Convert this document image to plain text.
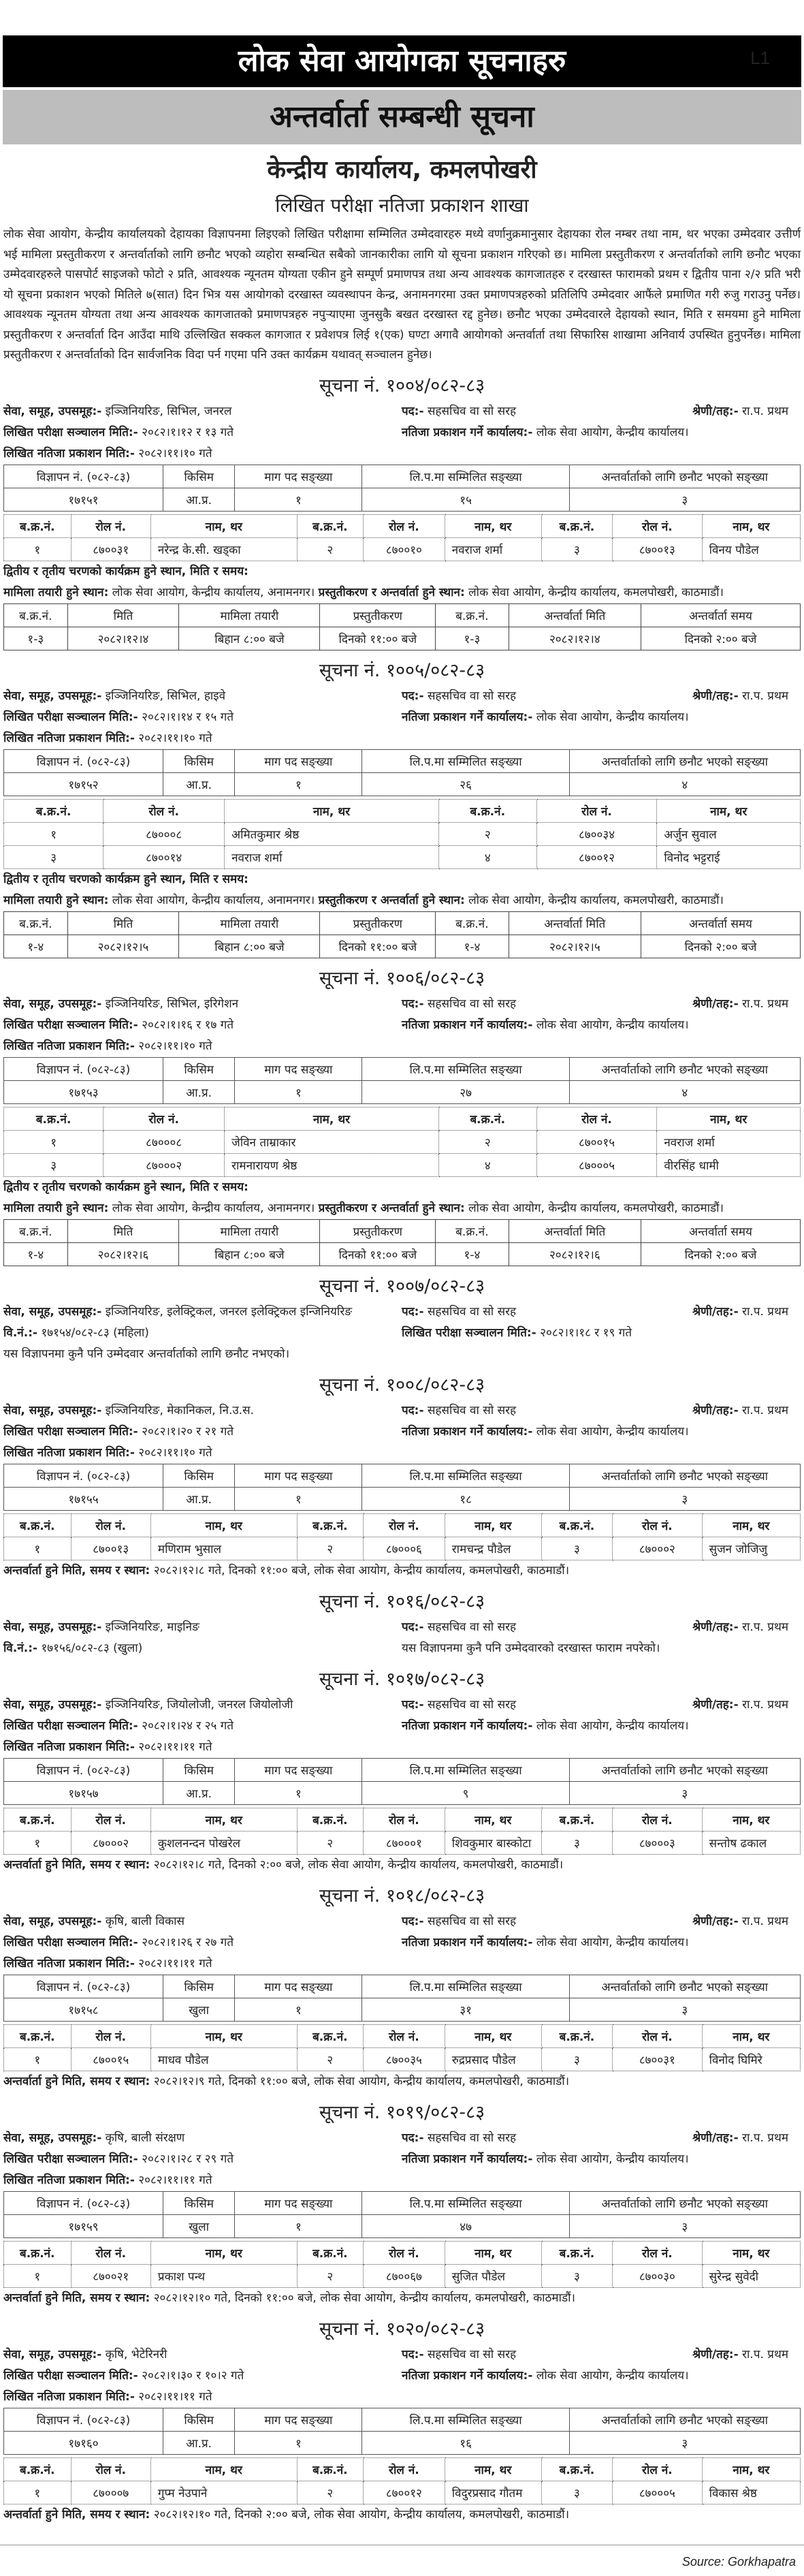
L1
लोक सेवा आयोगका सूचनाहरु
अन्तर्वार्ता सम्बन्धी सूचना
केन्द्रीय कार्यालय, कमलपोखरी
लिखित परीक्षा नतिजा प्रकाशन शाखा

लोक सेवा आयोग, केन्द्रीय कार्यालयको देहायका विज्ञापनमा लिइएको लिखित परीक्षामा सम्मिलित उम्मेदवारहरु मध्ये वर्णानुक्रमानुसार देहायका रोल नम्बर तथा नाम, थर भएका उम्मेदवार उत्तीर्ण भई मामिला प्रस्तुतीकरण र अन्तर्वार्ताको लागि छनौट भएको व्यहोरा सम्बन्धित सबैको जानकारीका लागि यो सूचना प्रकाशन गरिएको छ। मामिला प्रस्तुतीकरण र अन्तर्वार्ताको लागि छनौट भएका उम्मेदवारहरुले पासपोर्ट साइजको फोटो २ प्रति, आवश्यक न्यूनतम योग्यता एकीन हुने सम्पूर्ण प्रमाणपत्र तथा अन्य आवश्यक कागजातहरु र दरखास्त फारामको प्रथम र द्वितीय पाना २/२ प्रति भरी यो सूचना प्रकाशन भएको मितिले ७(सात) दिन भित्र यस आयोगको दरखास्त व्यवस्थापन केन्द्र, अनामनगरमा उक्त प्रमाणपत्रहरुको प्रतिलिपि उम्मेदवार आफैंले प्रमाणित गरी रुजु गराउनु पर्नेछ। आवश्यक न्यूनतम योग्यता तथा अन्य आवश्यक कागजातको प्रमाणपत्रहरु नपुर्‍याएमा जुनसुकै बखत दरखास्त रद्द हुनेछ। छनौट भएका उम्मेदवारले देहायको स्थान, मिति र समयमा हुने मामिला प्रस्तुतीकरण र अन्तर्वार्ता दिन आउँदा माथि उल्लिखित सक्कल कागजात र प्रवेशपत्र लिई १(एक) घण्टा अगावै आयोगको अन्तर्वार्ता तथा सिफारिस शाखामा अनिवार्य उपस्थित हुनुपर्नेछ। मामिला प्रस्तुतीकरण र अन्तर्वार्ताको दिन सार्वजनिक विदा पर्न गएमा पनि उक्त कार्यक्रम यथावत् सञ्चालन हुनेछ।

सूचना नं. १००४/०८२-८३
सेवा, समूह, उपसमूह:- इञ्जिनियरिङ, सिभिल, जनरल	पद:- सहसचिव वा सो सरह	श्रेणी/तह:- रा.प. प्रथम
लिखित परीक्षा सञ्चालन मिति:- २०८२।१।१२ र १३ गते	नतिजा प्रकाशन गर्ने कार्यालय:- लोक सेवा आयोग, केन्द्रीय कार्यालय।
लिखित नतिजा प्रकाशन मिति:- २०८२।११।१० गते
विज्ञापन नं. (०८२-८३)	किसिम	माग पद सङ्ख्या	लि.प.मा सम्मिलित सङ्ख्या	अन्तर्वार्ताको लागि छनौट भएको सङ्ख्या
१७१५१	आ.प्र.	१	१५	३
ब.क्र.नं.	रोल नं.	नाम, थर	ब.क्र.नं.	रोल नं.	नाम, थर	ब.क्र.नं.	रोल नं.	नाम, थर
१	८७००३१	नरेन्द्र के.सी. खड्का	२	८७००१०	नवराज शर्मा	३	८७००१३	विनय पौडेल
द्वितीय र तृतीय चरणको कार्यक्रम हुने स्थान, मिति र समय:
मामिला तयारी हुने स्थान: लोक सेवा आयोग, केन्द्रीय कार्यालय, अनामनगर। प्रस्तुतीकरण र अन्तर्वार्ता हुने स्थान: लोक सेवा आयोग, केन्द्रीय कार्यालय, कमलपोखरी, काठमाडौं।
ब.क्र.नं.	मिति	मामिला तयारी	प्रस्तुतीकरण	ब.क्र.नं.	अन्तर्वार्ता मिति	अन्तर्वार्ता समय
१-३	२०८२।१२।४	बिहान ८:०० बजे	दिनको ११:०० बजे	१-३	२०८२।१२।४	दिनको २:०० बजे
सूचना नं. १००५/०८२-८३
सेवा, समूह, उपसमूह:- इञ्जिनियरिङ, सिभिल, हाइवे	पद:- सहसचिव वा सो सरह	श्रेणी/तह:- रा.प. प्रथम
लिखित परीक्षा सञ्चालन मिति:- २०८२।१।१४ र १५ गते	नतिजा प्रकाशन गर्ने कार्यालय:- लोक सेवा आयोग, केन्द्रीय कार्यालय।
लिखित नतिजा प्रकाशन मिति:- २०८२।११।१० गते
विज्ञापन नं. (०८२-८३)	किसिम	माग पद सङ्ख्या	लि.प.मा सम्मिलित सङ्ख्या	अन्तर्वार्ताको लागि छनौट भएको सङ्ख्या
१७१५२	आ.प्र.	१	२६	४
ब.क्र.नं.	रोल नं.	नाम, थर	ब.क्र.नं.	रोल नं.	नाम, थर
१	८७०००८	अमितकुमार श्रेष्ठ	२	८७००३४	अर्जुन सुवाल
३	८७००१४	नवराज शर्मा	४	८७००१२	विनोद भट्टराई
द्वितीय र तृतीय चरणको कार्यक्रम हुने स्थान, मिति र समय:
मामिला तयारी हुने स्थान: लोक सेवा आयोग, केन्द्रीय कार्यालय, अनामनगर। प्रस्तुतीकरण र अन्तर्वार्ता हुने स्थान: लोक सेवा आयोग, केन्द्रीय कार्यालय, कमलपोखरी, काठमाडौं।
ब.क्र.नं.	मिति	मामिला तयारी	प्रस्तुतीकरण	ब.क्र.नं.	अन्तर्वार्ता मिति	अन्तर्वार्ता समय
१-४	२०८२।१२।५	बिहान ८:०० बजे	दिनको ११:०० बजे	१-४	२०८२।१२।५	दिनको २:०० बजे
सूचना नं. १००६/०८२-८३
सेवा, समूह, उपसमूह:- इञ्जिनियरिङ, सिभिल, इरिगेशन	पद:- सहसचिव वा सो सरह	श्रेणी/तह:- रा.प. प्रथम
लिखित परीक्षा सञ्चालन मिति:- २०८२।१।१६ र १७ गते	नतिजा प्रकाशन गर्ने कार्यालय:- लोक सेवा आयोग, केन्द्रीय कार्यालय।
लिखित नतिजा प्रकाशन मिति:- २०८२।११।१० गते
विज्ञापन नं. (०८२-८३)	किसिम	माग पद सङ्ख्या	लि.प.मा सम्मिलित सङ्ख्या	अन्तर्वार्ताको लागि छनौट भएको सङ्ख्या
१७१५३	आ.प्र.	१	२७	४
ब.क्र.नं.	रोल नं.	नाम, थर	ब.क्र.नं.	रोल नं.	नाम, थर
१	८७०००८	जेविन ताम्राकार	२	८७००१५	नवराज शर्मा
३	८७०००२	रामनारायण श्रेष्ठ	४	८७०००५	वीरसिंह धामी
द्वितीय र तृतीय चरणको कार्यक्रम हुने स्थान, मिति र समय:
मामिला तयारी हुने स्थान: लोक सेवा आयोग, केन्द्रीय कार्यालय, अनामनगर। प्रस्तुतीकरण र अन्तर्वार्ता हुने स्थान: लोक सेवा आयोग, केन्द्रीय कार्यालय, कमलपोखरी, काठमाडौं।
ब.क्र.नं.	मिति	मामिला तयारी	प्रस्तुतीकरण	ब.क्र.नं.	अन्तर्वार्ता मिति	अन्तर्वार्ता समय
१-४	२०८२।१२।६	बिहान ८:०० बजे	दिनको ११:०० बजे	१-४	२०८२।१२।६	दिनको २:०० बजे
सूचना नं. १००७/०८२-८३
सेवा, समूह, उपसमूह:- इञ्जिनियरिङ, इलेक्ट्रिकल, जनरल इलेक्ट्रिकल इन्जिनियरिङ	पद:- सहसचिव वा सो सरह	श्रेणी/तह:- रा.प. प्रथम
वि.नं.:- १७१५४/०८२-८३ (महिला)	लिखित परीक्षा सञ्चालन मिति:- २०८२।१।१८ र १९ गते
यस विज्ञापनमा कुनै पनि उम्मेदवार अन्तर्वार्ताको लागि छनौट नभएको।
सूचना नं. १००८/०८२-८३
सेवा, समूह, उपसमूह:- इञ्जिनियरिङ, मेकानिकल, नि.उ.स.	पद:- सहसचिव वा सो सरह	श्रेणी/तह:- रा.प. प्रथम
लिखित परीक्षा सञ्चालन मिति:- २०८२।१।२० र २१ गते	नतिजा प्रकाशन गर्ने कार्यालय:- लोक सेवा आयोग, केन्द्रीय कार्यालय।
लिखित नतिजा प्रकाशन मिति:- २०८२।११।१० गते
विज्ञापन नं. (०८२-८३)	किसिम	माग पद सङ्ख्या	लि.प.मा सम्मिलित सङ्ख्या	अन्तर्वार्ताको लागि छनौट भएको सङ्ख्या
१७१५५	आ.प्र.	१	१८	३
ब.क्र.नं.	रोल नं.	नाम, थर	ब.क्र.नं.	रोल नं.	नाम, थर	ब.क्र.नं.	रोल नं.	नाम, थर
१	८७००१३	मणिराम भुसाल	२	८७०००६	रामचन्द्र पौडेल	३	८७०००२	सुजन जोजिजु
अन्तर्वार्ता हुने मिति, समय र स्थान: २०८२।१२।८ गते, दिनको ११:०० बजे, लोक सेवा आयोग, केन्द्रीय कार्यालय, कमलपोखरी, काठमाडौं।
सूचना नं. १०१६/०८२-८३
सेवा, समूह, उपसमूह:- इञ्जिनियरिङ, माइनिङ	पद:- सहसचिव वा सो सरह	श्रेणी/तह:- रा.प. प्रथम
वि.नं.:- १७१५६/०८२-८३ (खुला)	यस विज्ञापनमा कुनै पनि उम्मेदवारको दरखास्त फाराम नपरेको।
सूचना नं. १०१७/०८२-८३
सेवा, समूह, उपसमूह:- इञ्जिनियरिङ, जियोलोजी, जनरल जियोलोजी	पद:- सहसचिव वा सो सरह	श्रेणी/तह:- रा.प. प्रथम
लिखित परीक्षा सञ्चालन मिति:- २०८२।१।२४ र २५ गते	नतिजा प्रकाशन गर्ने कार्यालय:- लोक सेवा आयोग, केन्द्रीय कार्यालय।
लिखित नतिजा प्रकाशन मिति:- २०८२।११।११ गते
विज्ञापन नं. (०८२-८३)	किसिम	माग पद सङ्ख्या	लि.प.मा सम्मिलित सङ्ख्या	अन्तर्वार्ताको लागि छनौट भएको सङ्ख्या
१७१५७	आ.प्र.	१	९	३
ब.क्र.नं.	रोल नं.	नाम, थर	ब.क्र.नं.	रोल नं.	नाम, थर	ब.क्र.नं.	रोल नं.	नाम, थर
१	८७०००२	कुशलनन्दन पोखरेल	२	८७०००१	शिवकुमार बास्कोटा	३	८७०००३	सन्तोष ढकाल
अन्तर्वार्ता हुने मिति, समय र स्थान: २०८२।१२।८ गते, दिनको २:०० बजे, लोक सेवा आयोग, केन्द्रीय कार्यालय, कमलपोखरी, काठमाडौं।
सूचना नं. १०१८/०८२-८३
सेवा, समूह, उपसमूह:- कृषि, बाली विकास	पद:- सहसचिव वा सो सरह	श्रेणी/तह:- रा.प. प्रथम
लिखित परीक्षा सञ्चालन मिति:- २०८२।१।२६ र २७ गते	नतिजा प्रकाशन गर्ने कार्यालय:- लोक सेवा आयोग, केन्द्रीय कार्यालय।
लिखित नतिजा प्रकाशन मिति:- २०८२।११।११ गते
विज्ञापन नं. (०८२-८३)	किसिम	माग पद सङ्ख्या	लि.प.मा सम्मिलित सङ्ख्या	अन्तर्वार्ताको लागि छनौट भएको सङ्ख्या
१७१५८	खुला	१	३१	३
ब.क्र.नं.	रोल नं.	नाम, थर	ब.क्र.नं.	रोल नं.	नाम, थर	ब.क्र.नं.	रोल नं.	नाम, थर
१	८७००१५	माधव पौडेल	२	८७००३५	रुद्रप्रसाद पौडेल	३	८७००३१	विनोद घिमिरे
अन्तर्वार्ता हुने मिति, समय र स्थान: २०८२।१२।९ गते, दिनको ११:०० बजे, लोक सेवा आयोग, केन्द्रीय कार्यालय, कमलपोखरी, काठमाडौं।
सूचना नं. १०१९/०८२-८३
सेवा, समूह, उपसमूह:- कृषि, बाली संरक्षण	पद:- सहसचिव वा सो सरह	श्रेणी/तह:- रा.प. प्रथम
लिखित परीक्षा सञ्चालन मिति:- २०८२।१।२८ र २९ गते	नतिजा प्रकाशन गर्ने कार्यालय:- लोक सेवा आयोग, केन्द्रीय कार्यालय।
लिखित नतिजा प्रकाशन मिति:- २०८२।११।११ गते
विज्ञापन नं. (०८२-८३)	किसिम	माग पद सङ्ख्या	लि.प.मा सम्मिलित सङ्ख्या	अन्तर्वार्ताको लागि छनौट भएको सङ्ख्या
१७१५९	खुला	१	४७	३
ब.क्र.नं.	रोल नं.	नाम, थर	ब.क्र.नं.	रोल नं.	नाम, थर	ब.क्र.नं.	रोल नं.	नाम, थर
१	८७००२१	प्रकाश पन्थ	२	८७००६७	सुजित पौडेल	३	८७००३०	सुरेन्द्र सुवेदी
अन्तर्वार्ता हुने मिति, समय र स्थान: २०८२।१२।१० गते, दिनको ११:०० बजे, लोक सेवा आयोग, केन्द्रीय कार्यालय, कमलपोखरी, काठमाडौं।
सूचना नं. १०२०/०८२-८३
सेवा, समूह, उपसमूह:- कृषि, भेटेरिनरी	पद:- सहसचिव वा सो सरह	श्रेणी/तह:- रा.प. प्रथम
लिखित परीक्षा सञ्चालन मिति:- २०८२।१।३० र १०।२ गते	नतिजा प्रकाशन गर्ने कार्यालय:- लोक सेवा आयोग, केन्द्रीय कार्यालय।
लिखित नतिजा प्रकाशन मिति:- २०८२।११।११ गते
विज्ञापन नं. (०८२-८३)	किसिम	माग पद सङ्ख्या	लि.प.मा सम्मिलित सङ्ख्या	अन्तर्वार्ताको लागि छनौट भएको सङ्ख्या
१७१६०	आ.प्र.	१	१६	३
ब.क्र.नं.	रोल नं.	नाम, थर	ब.क्र.नं.	रोल नं.	नाम, थर	ब.क्र.नं.	रोल नं.	नाम, थर
१	८७०००७	गुप्म नेउपाने	२	८७००१२	विदुरप्रसाद गौतम	३	८७०००५	विकास श्रेष्ठ
अन्तर्वार्ता हुने मिति, समय र स्थान: २०८२।१२।१० गते, दिनको २:०० बजे, लोक सेवा आयोग, केन्द्रीय कार्यालय, कमलपोखरी, काठमाडौं।
Source: Gorkhapatra
